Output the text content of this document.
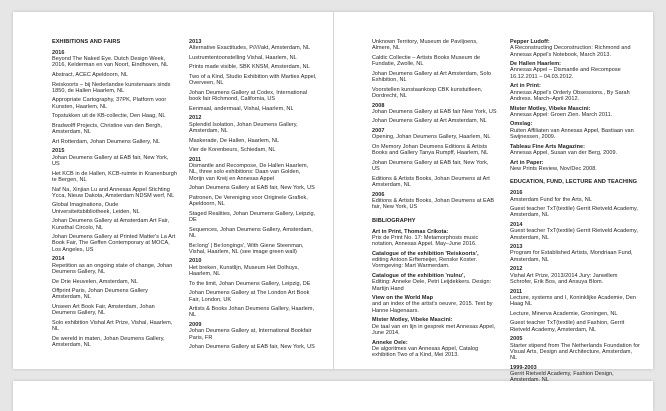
EXHIBITIONS AND FAIRS
2016

Beyond The Naked Eye. Dutch Design Week, 2016, Kelderman en van Noort, Eindhoven, NL

Abstract, ACEC Apeldoorn, NL

Reiskoorts – bij Nederlandse kunstenaars sinds 1850, de Hallen Haarlem, NL

Appropriate Cartography, 37PK, Platform voor Kunsten, Haarlem, NL

Topstukken uit de KB-collectie, Den Haag, NL

Bradwolff Projects, Christine van den Bergh, Amsterdam, NL

Art Rotterdam, Johan Deumens Gallery, NL

2015

Johan Deumens Gallery at EAB fair, New York, US

Het KCB in de Hallen, KCB-ruimte in Kranenburgh te Bergen, NL

Naf Na, Xinjian Lu and Annesas Appel Stichting Ycca, Nieuw Dakota, Amsterdam NDSM werf, NL

Global Imaginations, Oude Universiteitsbibliotheek, Leiden, NL

Johan Deumens Gallery at Amsterdam Art Fair, Kunsthal Circolo, NL

Johan Deumens Gallery at Printed Matter's La Art Book Fair, The Geffen Contemporary at MOCA, Los Angeles, US

2014

Repetition as an ongoing state of change, Johan Deumens Gallery, NL

De Drie Heuvelen, Amsterdam, NL

Offprint Paris, Johan Deumens Gallery Amsterdam, NL

Unseen Art Book Fair, Amsterdam, Johan Deumens Gallery, NL

Solo exhibition Vishal Art Prize, Vishal, Haarlem, NL

De wereld in maten, Johan Deumens Gallery, Amsterdam, NL

2013

Alternative Exactitudes, P/////akt, Amsterdam, NL

Lustrumtentoonstelling Vishal, Haarlem, NL

Prints made visible, SBK KNSM, Amsterdam, NL

Two of a Kind, Studio Exhibition with Marties Appel, Overveen, NL

Johan Deumens Gallery at Codex, International book fair Richmond, California, US

Eenmaal, andermaal, Vishal, Haarlem, NL

2012

Splendid Isolation, Johan Deumens Gallery, Amsterdam, NL

Maskerade, De Hallen, Haarlem, NL

Vier de Korenbeurs, Schiedam, NL

2011

Dismantle and Recompose, De Hallen Haarlem, NL, three solo exhibitions: Daan van Golden, Morijn van Kreij en Annesas Appel

Johan Deumens Gallery at EAB fair, New York, US

Patronen, De Vereniging voor Originele Grafiek, Apeldoorn, NL

Staged Realities, Johan Deumens Gallery, Leipzig, DE

Sequences, Johan Deumens Gallery, Amsterdam, NL

Be:long' | Be:longings', With Giene Steenman, Vishal, Haarlem, NL (see image green wall)

2010

Het breken, Kunstlijn, Museum Het Dolhuys, Haarlem, NL

To the limit, Johan Deumens Gallery, Leipzig, DE

Johan Deumens Gallery at The London Art Book Fair, London, UK

Artists & Books Johan Deumens Gallery, Haarlem, NL

2009

Johan Deumens Gallery at, International Bookfair Paris, FR

Johan Deumens Gallery at EAB fair, New York, US

Unknown Territory, Museum de Paviljoens, Almere, NL

Caldic Collectie – Artists Books Museum de Fundatie, Zwolle, NL

Johan Deumens Gallery at Art Amsterdam, Solo Exhibition, NL

Voorstellen kunstaankoop CBK kunstuitleen, Dordrecht, NL

2008

Johan Deumens Gallery at EAB fair New York, US

Johan Deumens Gallery at Art Amsterdam, NL

2007

Opening, Johan Deumens Gallery, Haarlem, NL

On Memory Johan Deumens Editions & Artists Books and Gallery Tanya Rumpff, Haarlem, NL

Johan Deumens Gallery at EAB fair, New York, US

Editions & Artists Books, Johan Deumens at Art Amsterdam, NL

2006

Editions & Artists Books, Johan Deumens at EAB fair, New York, US

BIBLIOGRAPHY

Art in Print, Thomas Crikota:
Prix de Print No. 17: Metamorphosis music notation, Annesas Appel. May–June 2016.

Catalogue of the exhibition 'Reiskoorts',
editing Antoon Erftemeijer, Renske Koster. Vormgeving: Mart Warmerdam.

Catalogue of the exhibition 'nulnu',
Editing: Anneke Oele, Petri Leijdekkers. Design: Martijn Hand

View on the World Map
and an index of the artist's oeuvre, 2015. Text by Hanne Hagenaars.

Mister Motley, Vibeke Mascini:
De taal van en lijn in gesprek met Annesas Appel, June 2014.

Anneke Oele:
De algoritmes van Annesas Appel, Catalog exhibition Two of a Kind, Mei 2013.

Pepper Ludoff:
A Reconstructing Deconstruction: Richmond and Annesas Appel's Notebook, March 2013.

De Hallen Haarlem:
Annesas Appel – Dismantle and Recompose 16.12.2011 – 04.03.2012.

Art in Print:
Annesas Appel's Orderly Obsessions., By Sarah Andress. March–April 2012.

Mister Motley, Vibeke Mascini:
Annesas Appel: Groen Zien. March 2011.

Omslag:
Ruiten Affiliaten van Annesas Appel, Bastiaan van Swijnessen, 2009.

Tableau Fine Arts Magazine:
Annesas Appel, Susan van der Berg, 2009.

Art in Paper:
New Prints Review, Nov/Dec 2008.

EDUCATION, FUND, LECTURE AND TEACHING
2016

Amsterdam Fund for the Arts, NL

Guest teacher TxT(textile) Gerrit Rietveld Academy, Amsterdam, NL

2014

Guest teacher TxT(textile) Gerrit Rietveld Academy, Amsterdam, NL

2013

Program for Established Artists, Mondriaan Fund, Amsterdam, NL

2012

Vishal Art Prize, 2013/2014 Jury: Janwillem Schrofer, Erik Bos, and Ansuya Blom.

2011

Lecture, systems and I, Koninklijke Academie, Den Haag NL

Lecture, Minerva Academie, Groningen, NL

Guest teacher TxT(textile) and Fashion, Gerrit Rietveld Academy, Amsterdam, NL

2005

Starter stipend from The Netherlands Foundation for Visual Arts, Design and Architecture, Amsterdam, NL

1999-2003

Gerrit Rietveld Academy, Fashion Design,
